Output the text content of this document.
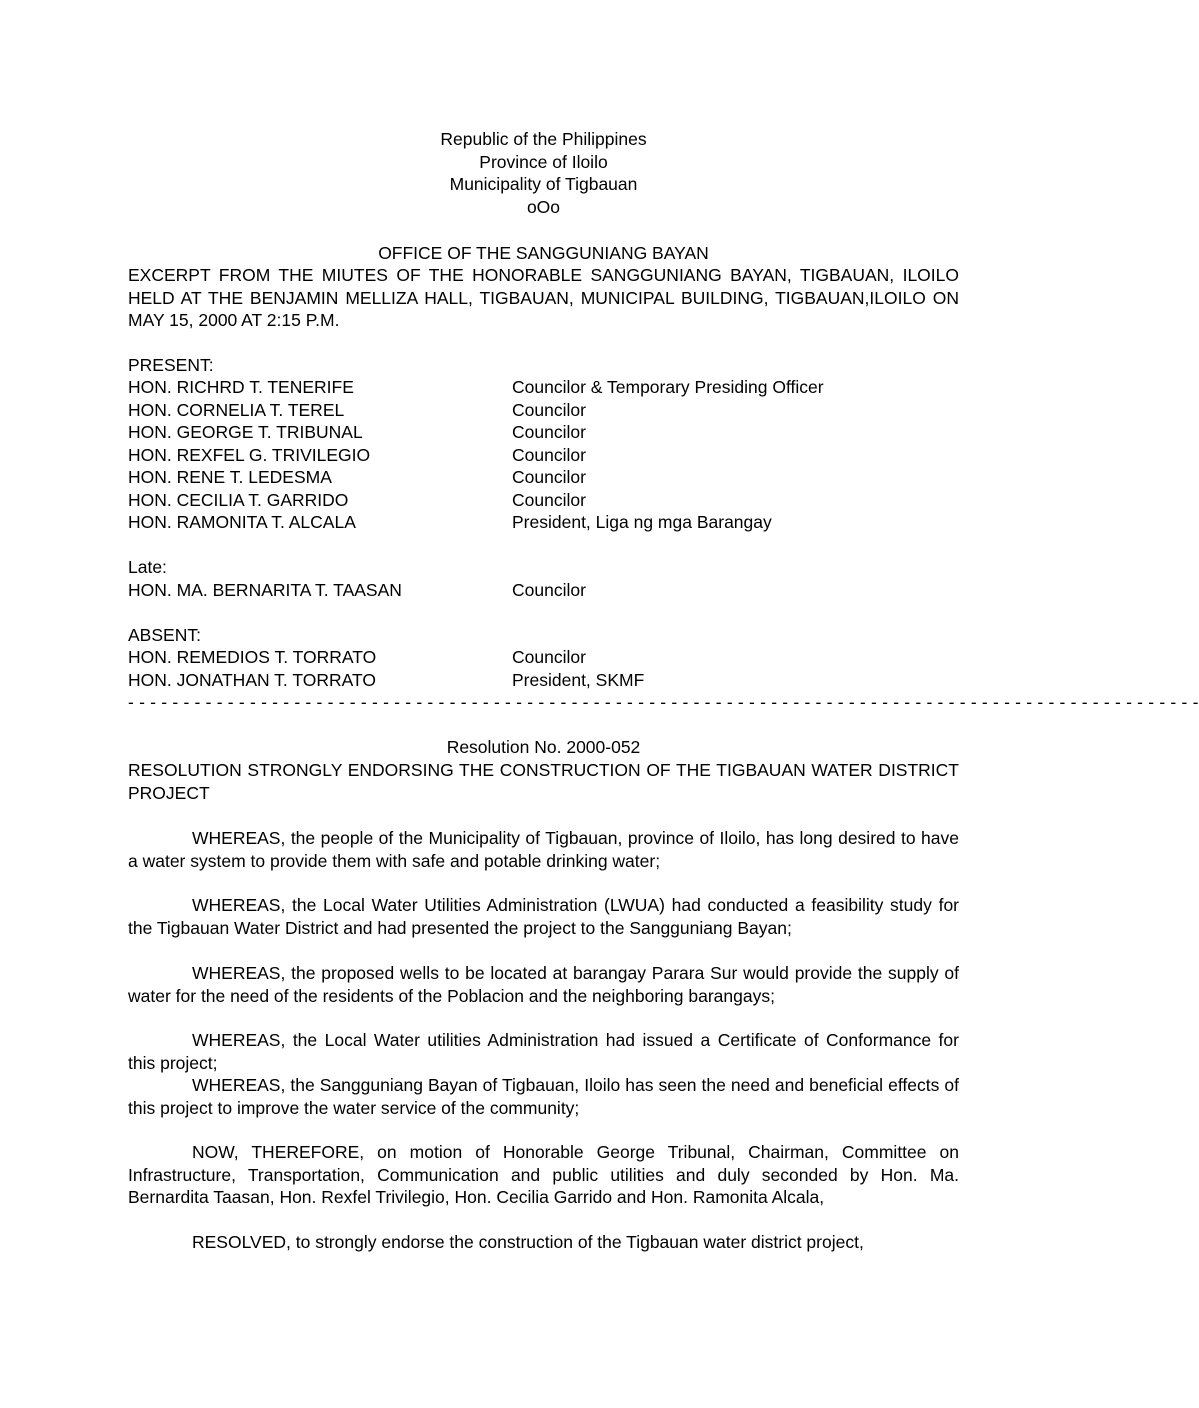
Republic of the Philippines
Province of Iloilo
Municipality of Tigbauan
oOo
OFFICE OF THE SANGGUNIANG BAYAN
EXCERPT FROM THE MIUTES OF THE HONORABLE SANGGUNIANG BAYAN, TIGBAUAN, ILOILO HELD AT THE BENJAMIN MELLIZA HALL, TIGBAUAN, MUNICIPAL BUILDING, TIGBAUAN,ILOILO ON MAY 15, 2000 AT 2:15 P.M.
PRESENT:
HON. RICHRD T. TENERIFE	Councilor & Temporary Presiding Officer
HON. CORNELIA T. TEREL	Councilor
HON. GEORGE T. TRIBUNAL	Councilor
HON. REXFEL G. TRIVILEGIO	Councilor
HON. RENE T. LEDESMA	Councilor
HON. CECILIA T. GARRIDO	Councilor
HON. RAMONITA T. ALCALA	President, Liga ng mga Barangay
Late:
HON. MA. BERNARITA T. TAASAN	Councilor
ABSENT:
HON. REMEDIOS T. TORRATO	Councilor
HON. JONATHAN T. TORRATO	President, SKMF
- - - - - - - - - - - - - - - - - - - - - - - - - - - - - - - - - - - - - - - - - - - - - - - - - - - - - - - - - - - - - - - - - - - - - - - - - - - - - - - - - - - - - - - - - - - - - - - - -
Resolution No. 2000-052
RESOLUTION STRONGLY ENDORSING THE CONSTRUCTION OF THE TIGBAUAN WATER DISTRICT PROJECT
WHEREAS, the people of the Municipality of Tigbauan, province of Iloilo, has long desired to have a water system to provide them with safe and potable drinking water;
WHEREAS, the Local Water Utilities Administration (LWUA) had conducted a feasibility study for the Tigbauan Water District and had presented the project to the Sangguniang Bayan;
WHEREAS, the proposed wells to be located at barangay Parara Sur would provide the supply of water for the need of the residents of the Poblacion and the neighboring barangays;
WHEREAS, the Local Water utilities Administration had issued a Certificate of Conformance for this project;
WHEREAS, the Sangguniang Bayan of Tigbauan, Iloilo has seen the need and beneficial effects of this project to improve the water service of the community;
NOW, THEREFORE, on motion of Honorable George Tribunal, Chairman, Committee on Infrastructure, Transportation, Communication and public utilities and duly seconded by Hon. Ma. Bernardita Taasan, Hon. Rexfel Trivilegio, Hon. Cecilia Garrido and Hon. Ramonita Alcala,
RESOLVED, to strongly endorse the construction of the Tigbauan water district project,
